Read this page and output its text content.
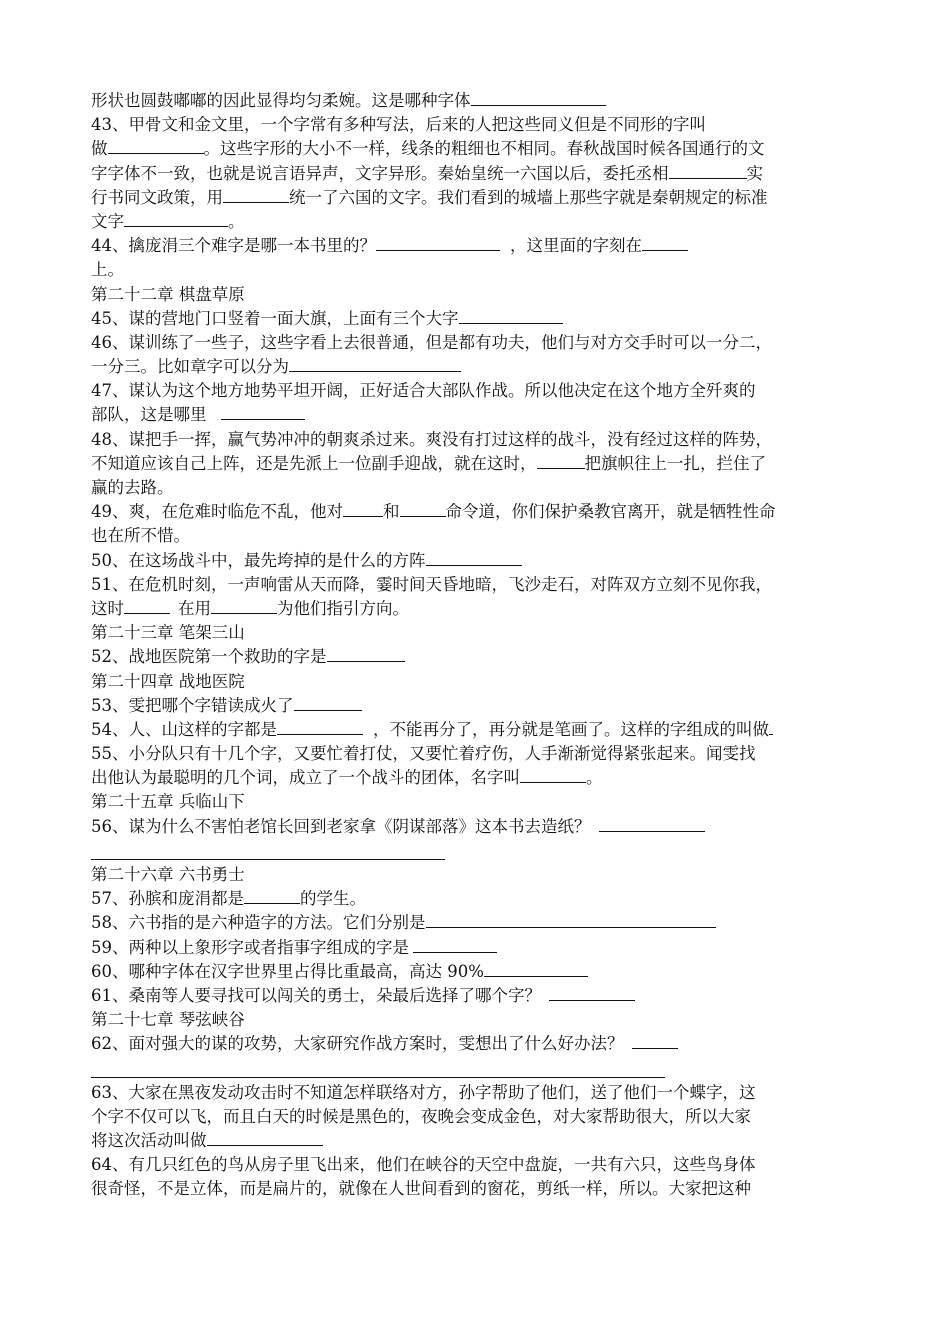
形状也圆鼓嘟嘟的因此显得均匀柔婉。这是哪种字体
43、甲骨文和金文里，一个字常有多种写法，后来的人把这些同义但是不同形的字叫
做	。这些字形的大小不一样，线条的粗细也不相同。春秋战国时候各国通行的文
字字体不一致，也就是说言语异声，文字异形。秦始皇统一六国以后，委托丞相	实
行书同文政策，用	统一了六国的文字。我们看到的城墙上那些字就是秦朝规定的标准
文字	。
44、擒庞涓三个难字是哪一本书里的？	，这里面的字刻在
上。
第二十二章 棋盘草原
45、谋的营地门口竖着一面大旗，上面有三个大字
46、谋训练了一些子，这些字看上去很普通，但是都有功夫，他们与对方交手时可以一分二，
一分三。比如章字可以分为
47、谋认为这个地方地势平坦开阔，正好适合大部队作战。所以他决定在这个地方全歼爽的
部队，这是哪里
48、谋把手一挥，赢气势冲冲的朝爽杀过来。爽没有打过这样的战斗，没有经过这样的阵势，
不知道应该自己上阵，还是先派上一位副手迎战，就在这时，	把旗帜往上一扎，拦住了
赢的去路。
49、爽，在危难时临危不乱，他对 和	命令道，你们保护桑教官离开，就是牺牲性命
也在所不惜。
50、在这场战斗中，最先垮掉的是什么的方阵
51、在危机时刻，一声响雷从天而降，霎时间天昏地暗，飞沙走石，对阵双方立刻不见你我，
这时	在用	为他们指引方向。
第二十三章 笔架三山
52、战地医院第一个救助的字是
第二十四章 战地医院
53、雯把哪个字错读成火了
54、人、山这样的字都是	，不能再分了，再分就是笔画了。这样的字组成的叫做
55、小分队只有十几个字，又要忙着打仗，又要忙着疗伤，人手渐渐觉得紧张起来。闻雯找
出他认为最聪明的几个词，成立了一个战斗的团体，名字叫	。
第二十五章 兵临山下
56、谋为什么不害怕老馆长回到老家拿《阴谋部落》这本书去造纸？
第二十六章 六书勇士
57、孙膑和庞涓都是	的学生。
58、六书指的是六种造字的方法。它们分别是
59、两种以上象形字或者指事字组成的字是
60、哪种字体在汉字世界里占得比重最高，高达 90%
61、桑南等人要寻找可以闯关的勇士，朵最后选择了哪个字？
第二十七章 琴弦峡谷
62、面对强大的谋的攻势，大家研究作战方案时，雯想出了什么好办法？
63、大家在黑夜发动攻击时不知道怎样联络对方，孙字帮助了他们，送了他们一个蝶字，这
个字不仅可以飞，而且白天的时候是黑色的，夜晚会变成金色，对大家帮助很大，所以大家
将这次活动叫做
64、有几只红色的鸟从房子里飞出来，他们在峡谷的天空中盘旋，一共有六只，这些鸟身体
很奇怪，不是立体，而是扁片的，就像在人世间看到的窗花，剪纸一样，所以。大家把这种
